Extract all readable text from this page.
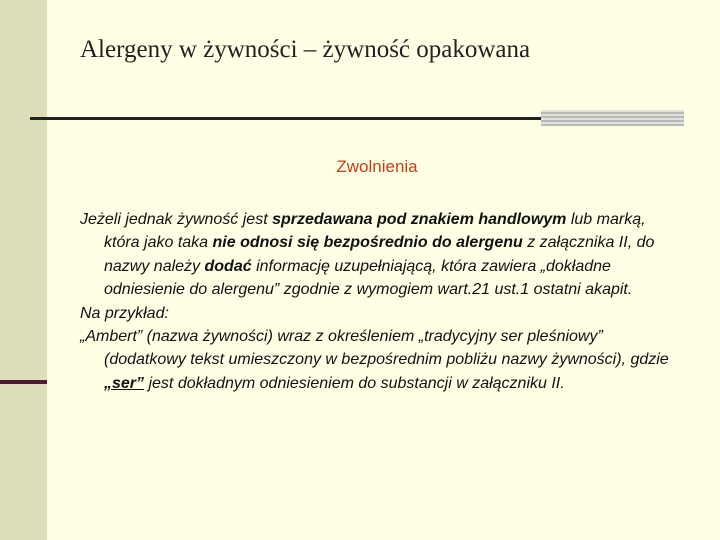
Alergeny w żywności – żywność opakowana
Zwolnienia

Jeżeli jednak żywność jest sprzedawana pod znakiem handlowym lub marką, która jako taka nie odnosi się bezpośrednio do alergenu z załącznika II, do nazwy należy dodać informację uzupełniającą, która zawiera „dokładne odniesienie do alergenu” zgodnie z wymogiem wart.21 ust.1 ostatni akapit.

Na przykład:

„Ambert” (nazwa żywności) wraz z określeniem „tradycyjny ser pleśniowy” (dodatkowy tekst umieszczony w bezpośrednim pobliżu nazwy żywności), gdzie „ser” jest dokładnym odniesieniem do substancji w załączniku II.
